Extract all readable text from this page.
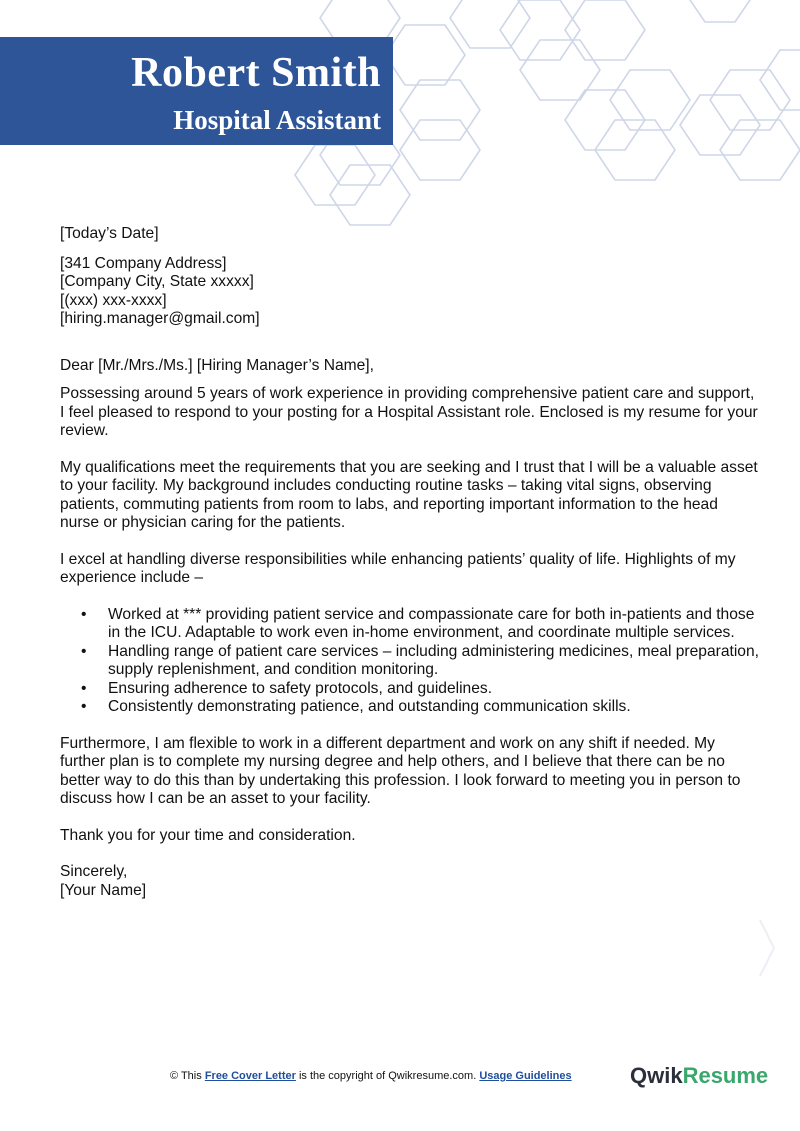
Robert Smith
Hospital Assistant

[Today’s Date]

[341 Company Address]

[Company City, State xxxxx]

[(xxx) xxx-xxxx]

[hiring.manager@gmail.com]

Dear [Mr./Mrs./Ms.] [Hiring Manager’s Name],

Possessing around 5 years of work experience in providing comprehensive patient care and support, I feel pleased to respond to your posting for a Hospital Assistant role. Enclosed is my resume for your review.

My qualifications meet the requirements that you are seeking and I trust that I will be a valuable asset to your facility. My background includes conducting routine tasks – taking vital signs, observing patients, commuting patients from room to labs, and reporting important information to the head nurse or physician caring for the patients.

I excel at handling diverse responsibilities while enhancing patients’ quality of life. Highlights of my experience include –

• Worked at *** providing patient service and compassionate care for both in-patients and those in the ICU. Adaptable to work even in-home environment, and coordinate multiple services.
• Handling range of patient care services – including administering medicines, meal preparation, supply replenishment, and condition monitoring.
• Ensuring adherence to safety protocols, and guidelines.
• Consistently demonstrating patience, and outstanding communication skills.

Furthermore, I am flexible to work in a different department and work on any shift if needed. My further plan is to complete my nursing degree and help others, and I believe that there can be no better way to do this than by undertaking this profession. I look forward to meeting you in person to discuss how I can be an asset to your facility.

Thank you for your time and consideration.

Sincerely,

[Your Name]

© This Free Cover Letter is the copyright of Qwikresume.com. Usage Guidelines	QwikResume
